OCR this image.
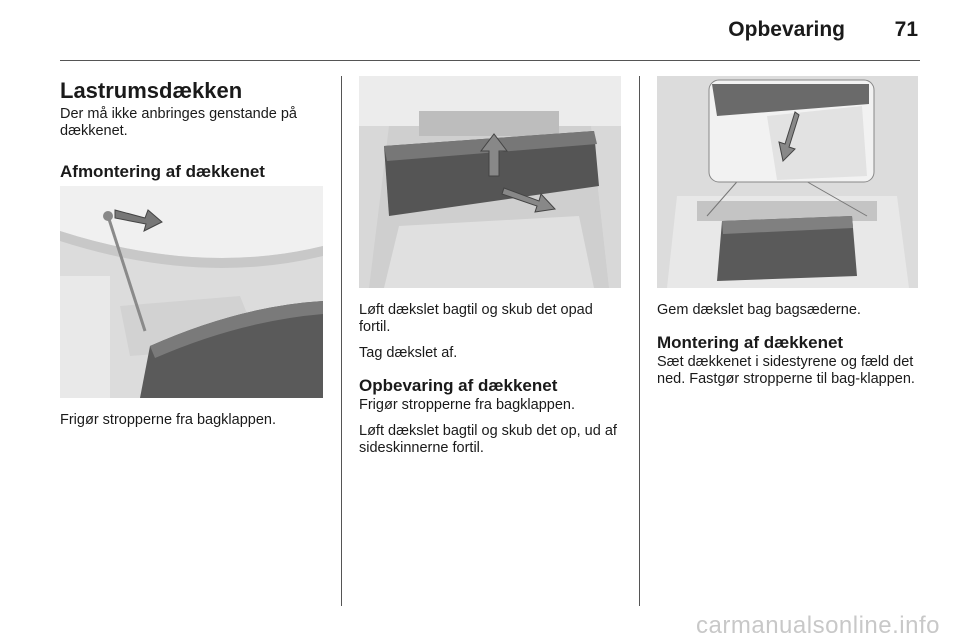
Opbevaring 71
Lastrumsdækken

Der må ikke anbringes genstande på dækkenet.

Afmontering af dækkenet

Frigør stropperne fra bagklappen.

Løft dækslet bagtil og skub det opad fortil.

Tag dækslet af.

Opbevaring af dækkenet

Frigør stropperne fra bagklappen.

Løft dækslet bagtil og skub det op, ud af sideskinnerne fortil.

Gem dækslet bag bagsæderne.

Montering af dækkenet

Sæt dækkenet i sidestyrene og fæld det ned. Fastgør stropperne til bag-klappen.

carmanualsonline.info
